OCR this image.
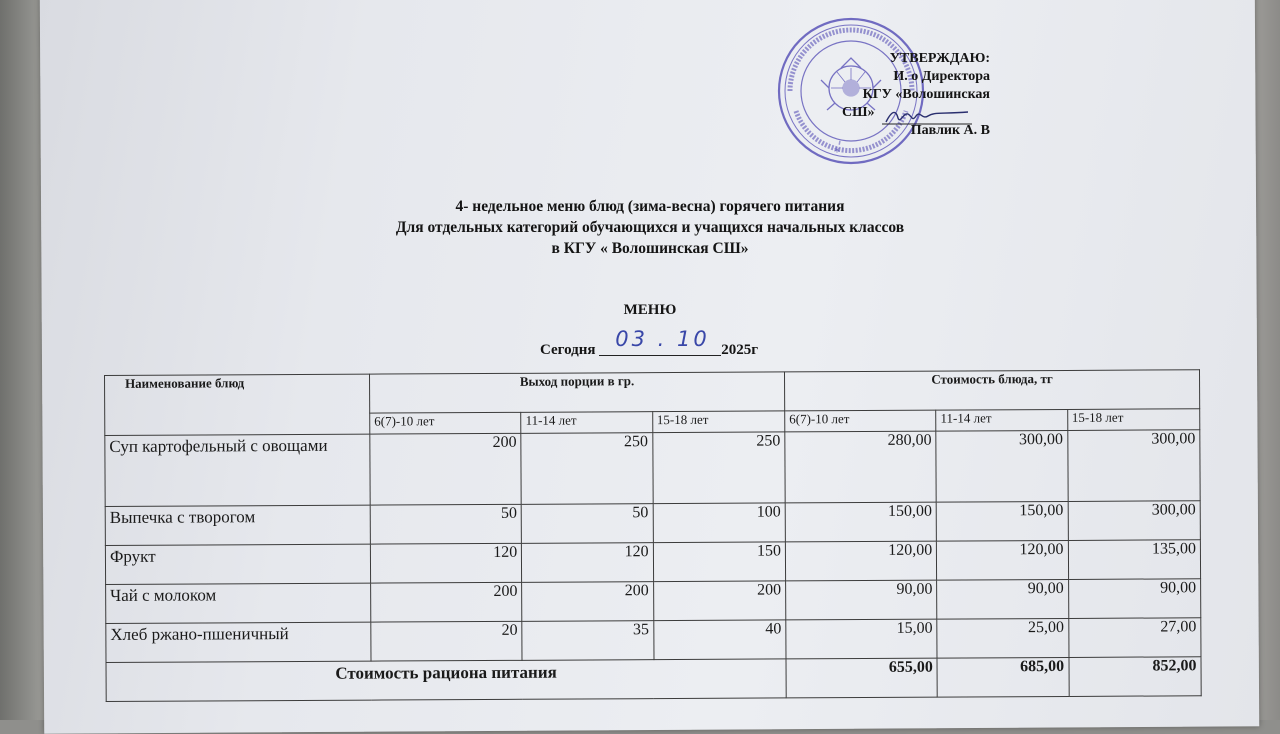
*
УТВЕРЖДАЮ:
И. о Директора
КГУ «Волошинская
СШ»
Павлик А. В
4- недельное меню блюд (зима-весна) горячего питания
Для отдельных категорий обучающихся и учащихся начальных классов
в КГУ « Волошинская СШ»
МЕНЮ
Сегодня 03 . 10 2025г
Наименование блюд	Выход порции в гр.			Стоимость блюда, тг		
	6(7)-10 лет	11-14 лет	15-18 лет	6(7)-10 лет	11-14 лет	15-18 лет
Суп картофельный с овощами	200	250	250	280,00	300,00	300,00
Выпечка с творогом	50	50	100	150,00	150,00	300,00
Фрукт	120	120	150	120,00	120,00	135,00
Чай с молоком	200	200	200	90,00	90,00	90,00
Хлеб ржано-пшеничный	20	35	40	15,00	25,00	27,00
Стоимость рациона питания				655,00	685,00	852,00
